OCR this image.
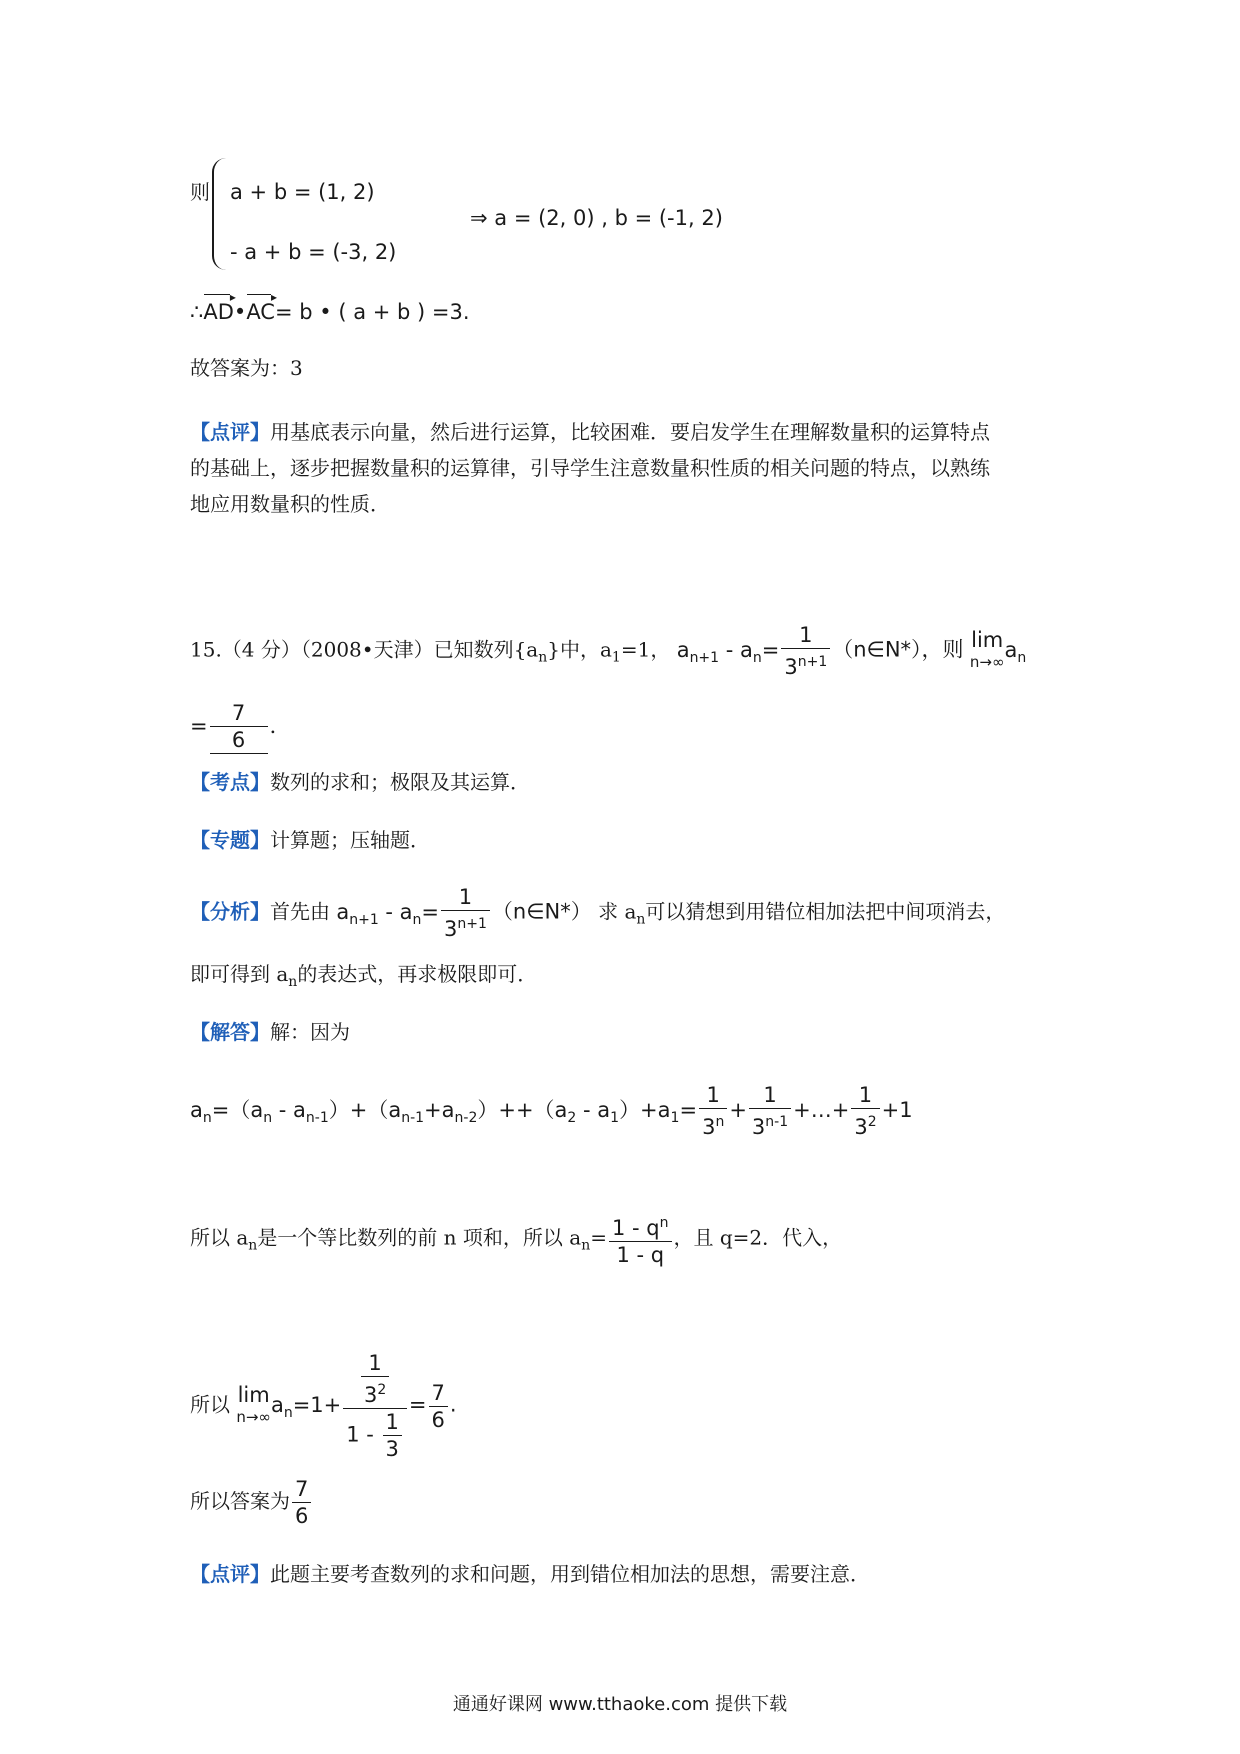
则 a + b = (1, 2)
- a + b = (-3, 2)
⇒ a = (2, 0) , b = (-1, 2)
∴AD ▸•AC ▸= b • ( a + b ) =3.
故答案为：3
【点评】用基底表示向量，然后进行运算，比较困难．要启发学生在理解数量积的运算特点
的基础上，逐步把握数量积的运算律，引导学生注意数量积性质的相关问题的特点，以熟练
地应用数量积的性质．
15.（4 分）（2008•天津）已知数列$\{a_n\}$中，$a_1=1$， $a_{n+1} - a_n= \frac{1}{3^{n+1}}$ （n∈N*），则 lim
n→∞
$a_n$
= $\frac{7}{6}$ ．
【考点】数列的求和；极限及其运算．
【专题】计算题；压轴题．
【分析】首先由 $a_{n+1} - a_n= \frac{1}{3^{n+1}}$ （n∈N*） 求 $a_n$可以猜想到用错位相加法把中间项消去，
即可得到 $a_n$的表达式，再求极限即可．
【解答】解：因为
$a_n=(a_n - a_{n-1})+(a_{n-1}+a_{n-2})++(a_2 - a_1)+a_1= \frac{1}{3^n} + \frac{1}{3^{n-1}}$ +…+ $\frac{1}{3^2} +1$
所以 $a_n$是一个等比数列的前 n 项和，所以 $a_n= \frac{1 - q^n}{1 - q}$ ，且 q=2．代入，
所以 lim
n→∞
$a_n=1+ \frac{\frac{1}{3^2}}{1 - \frac{1}{3}} = \frac{7}{6}$ .
所以答案为 $\frac{7}{6}$
【点评】此题主要考查数列的求和问题，用到错位相加法的思想，需要注意．
通通好课网 www.tthaoke.com 提供下载
